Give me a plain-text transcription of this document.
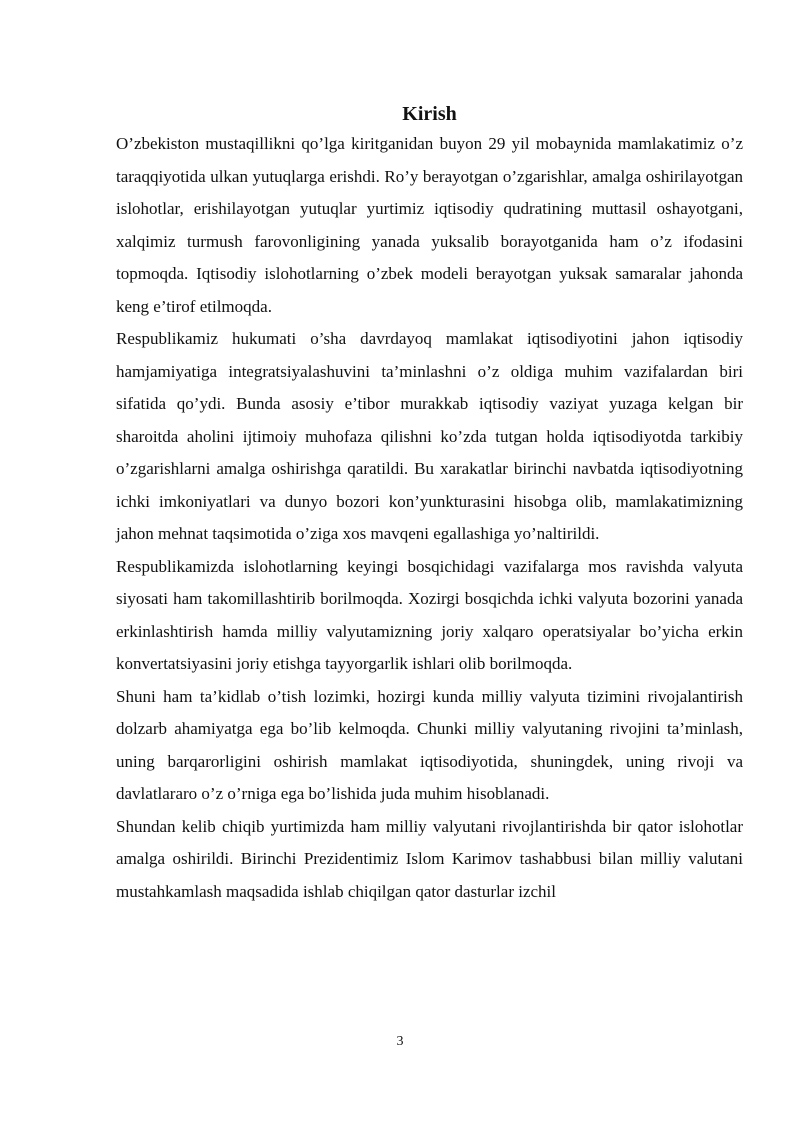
Kirish

O’zbekiston mustaqillikni qo’lga kiritganidan buyon 29 yil mobaynida mamlakatimiz o’z taraqqiyotida ulkan yutuqlarga erishdi. Ro’y berayotgan o’zgarishlar, amalga oshirilayotgan islohotlar, erishilayotgan yutuqlar yurtimiz iqtisodiy qudratining muttasil oshayotgani, xalqimiz turmush farovonligining yanada yuksalib borayotganida ham o’z ifodasini topmoqda. Iqtisodiy islohotlarning o’zbek modeli berayotgan yuksak samaralar jahonda keng e’tirof etilmoqda.

Respublikamiz hukumati o’sha davrdayoq mamlakat iqtisodiyotini jahon iqtisodiy hamjamiyatiga integratsiyalashuvini ta’minlashni o’z oldiga muhim vazifalardan biri sifatida qo’ydi. Bunda asosiy e’tibor murakkab iqtisodiy vaziyat yuzaga kelgan bir sharoitda aholini ijtimoiy muhofaza qilishni ko’zda tutgan holda iqtisodiyotda tarkibiy o’zgarishlarni amalga oshirishga qaratildi. Bu xarakatlar birinchi navbatda iqtisodiyotning ichki imkoniyatlari va dunyo bozori kon’yunkturasini hisobga olib, mamlakatimizning jahon mehnat taqsimotida o’ziga xos mavqeni egallashiga yo’naltirildi.

Respublikamizda islohotlarning keyingi bosqichidagi vazifalarga mos ravishda valyuta siyosati ham takomillashtirib borilmoqda. Xozirgi bosqichda ichki valyuta bozorini yanada erkinlashtirish hamda milliy valyutamizning joriy xalqaro operatsiyalar bo’yicha erkin konvertatsiyasini joriy etishga tayyorgarlik ishlari olib borilmoqda.

Shuni ham ta’kidlab o’tish lozimki, hozirgi kunda milliy valyuta tizimini rivojalantirish dolzarb ahamiyatga ega bo’lib kelmoqda. Chunki milliy valyutaning rivojini ta’minlash, uning barqarorligini oshirish mamlakat iqtisodiyotida, shuningdek, uning rivoji va davlatlararo o’z o’rniga ega bo’lishida juda muhim hisoblanadi.

Shundan kelib chiqib yurtimizda ham milliy valyutani rivojlantirishda bir qator islohotlar amalga oshirildi. Birinchi Prezidentimiz Islom Karimov tashabbusi bilan milliy valutani mustahkamlash maqsadida ishlab chiqilgan qator dasturlar izchil

3
